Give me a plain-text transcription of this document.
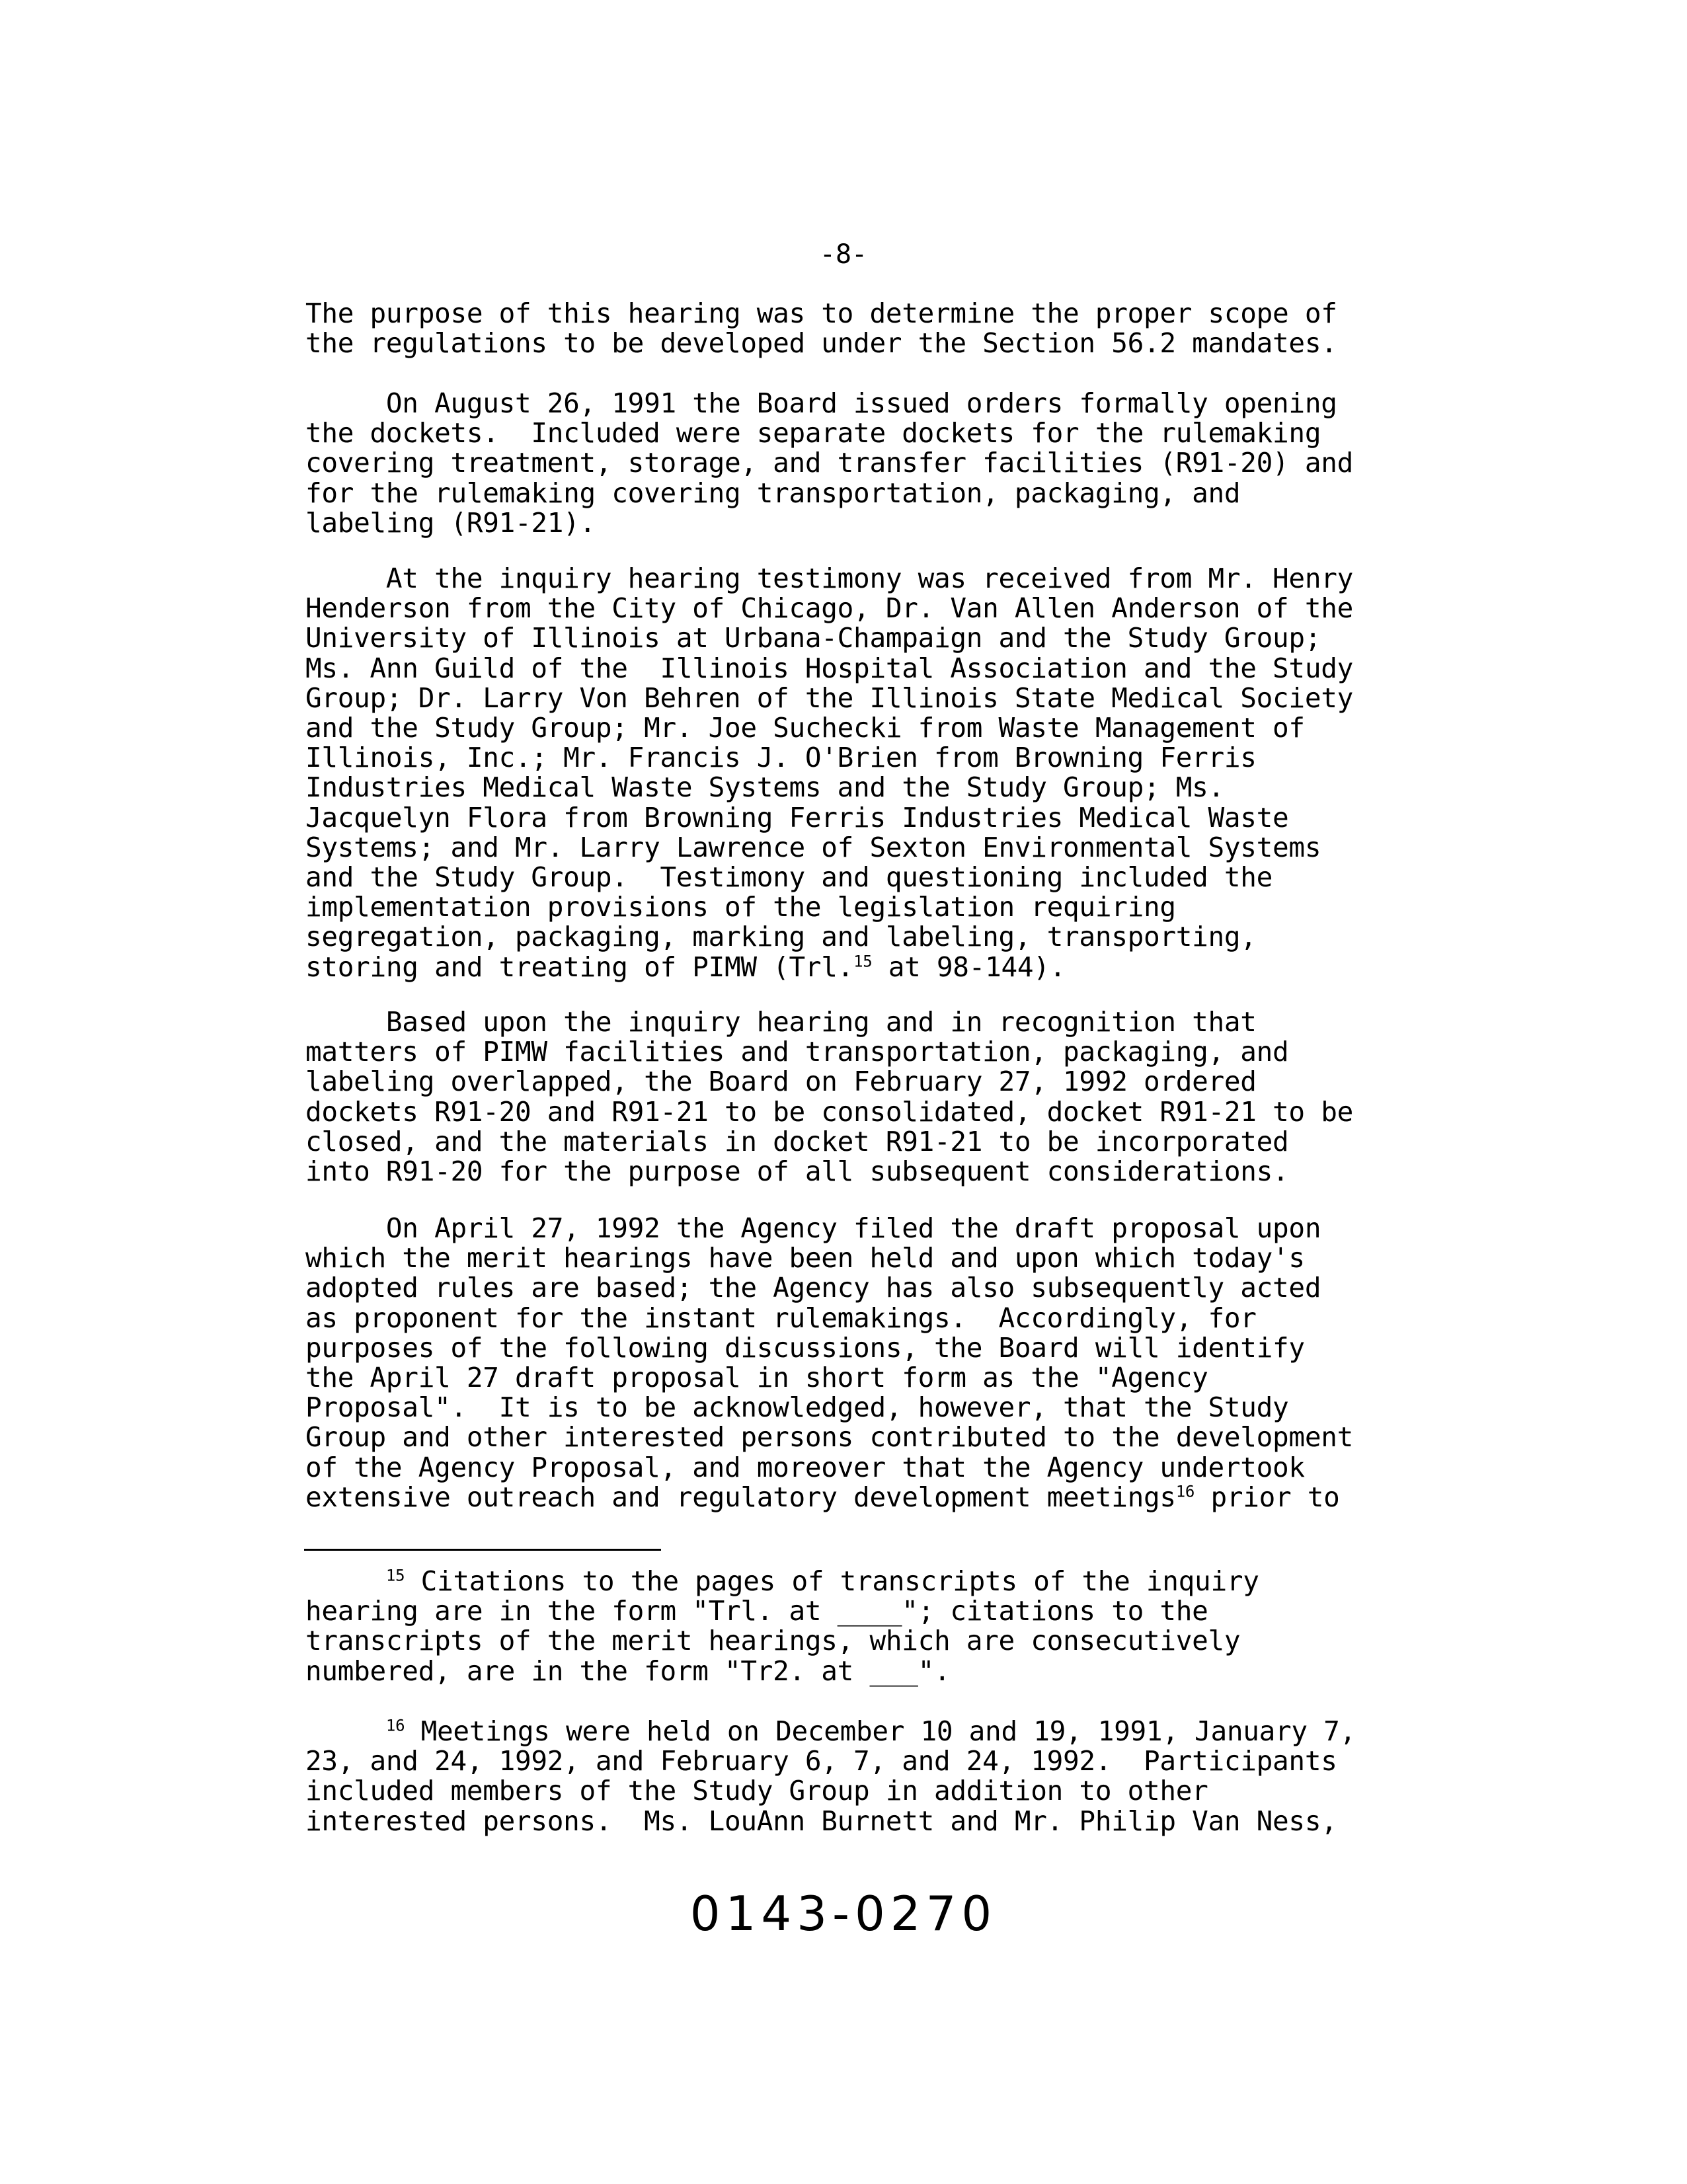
-8-
The purpose of this hearing was to determine the proper scope of
the regulations to be developed under the Section 56.2 mandates.
On August 26, 1991 the Board issued orders formally opening
the dockets.  Included were separate dockets for the rulemaking
covering treatment, storage, and transfer facilities (R91-20) and
for the rulemaking covering transportation, packaging, and
labeling (R91-21).
At the inquiry hearing testimony was received from Mr. Henry
Henderson from the City of Chicago, Dr. Van Allen Anderson of the
University of Illinois at Urbana-Champaign and the Study Group;
Ms. Ann Guild of the  Illinois Hospital Association and the Study
Group; Dr. Larry Von Behren of the Illinois State Medical Society
and the Study Group; Mr. Joe Suchecki from Waste Management of
Illinois, Inc.; Mr. Francis J. O'Brien from Browning Ferris
Industries Medical Waste Systems and the Study Group; Ms.
Jacquelyn Flora from Browning Ferris Industries Medical Waste
Systems; and Mr. Larry Lawrence of Sexton Environmental Systems
and the Study Group.  Testimony and questioning included the
implementation provisions of the legislation requiring
segregation, packaging, marking and labeling, transporting,
storing and treating of PIMW (Trl.$^{15}$ at 98-144).
Based upon the inquiry hearing and in recognition that
matters of PIMW facilities and transportation, packaging, and
labeling overlapped, the Board on February 27, 1992 ordered
dockets R91-20 and R91-21 to be consolidated, docket R91-21 to be
closed, and the materials in docket R91-21 to be incorporated
into R91-20 for the purpose of all subsequent considerations.
On April 27, 1992 the Agency filed the draft proposal upon
which the merit hearings have been held and upon which today's
adopted rules are based; the Agency has also subsequently acted
as proponent for the instant rulemakings.  Accordingly, for
purposes of the following discussions, the Board will identify
the April 27 draft proposal in short form as the "Agency
Proposal".  It is to be acknowledged, however, that the Study
Group and other interested persons contributed to the development
of the Agency Proposal, and moreover that the Agency undertook
extensive outreach and regulatory development meetings$^{16}$ prior to
$^{15}$ Citations to the pages of transcripts of the inquiry
hearing are in the form "Trl. at ____"; citations to the
transcripts of the merit hearings, which are consecutively
numbered, are in the form "Tr2. at ___".
$^{16}$ Meetings were held on December 10 and 19, 1991, January 7,
23, and 24, 1992, and February 6, 7, and 24, 1992.  Participants
included members of the Study Group in addition to other
interested persons.  Ms. LouAnn Burnett and Mr. Philip Van Ness,
0143-0270
